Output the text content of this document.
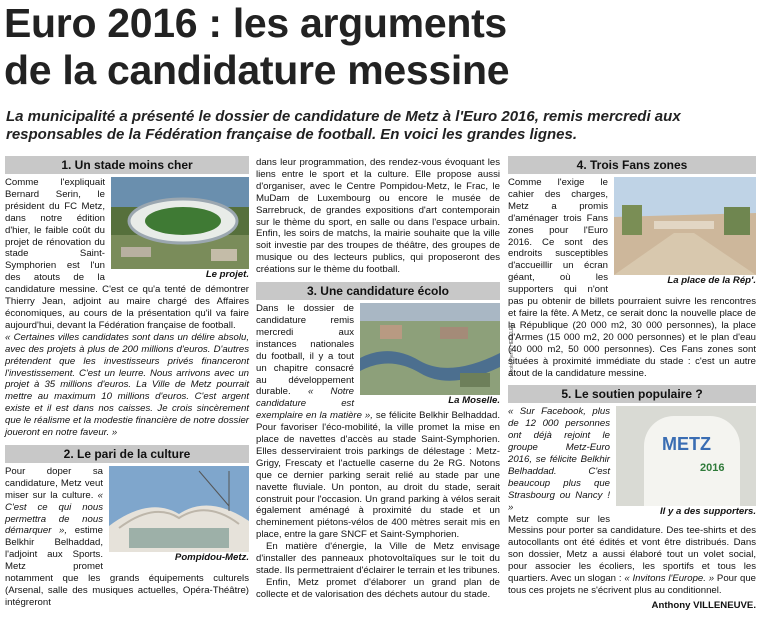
Euro 2016 : les arguments
de la candidature messine
La municipalité a présenté le dossier de candidature de Metz à l'Euro 2016, remis mercredi aux responsables de la Fédération française de football. En voici les grandes lignes.
1. Un stade moins cher
Le projet.

Comme l'expliquait Bernard Serin, le président du FC Metz, dans notre édition d'hier, le faible coût du projet de rénovation du stade Saint-Symphorien est l'un des atouts de la candidature messine. C'est ce qu'a tenté de démontrer Thierry Jean, adjoint au maire chargé des Affaires économiques, au cours de la présentation qu'il va faire aujourd'hui, devant la Fédération française de football.

« Certaines villes candidates sont dans un délire absolu, avec des projets à plus de 200 millions d'euros. D'autres prétendent que les investisseurs privés financeront l'investissement. C'est un leurre. Nous arrivons avec un projet à 35 millions d'euros. La Ville de Metz pourrait mettre au maximum 10 millions d'euros. C'est argent existe et il est dans nos caisses. Je crois sincèrement que le réalisme et la modestie financière de notre dossier joueront en notre faveur. »

2. Le pari de la culture
Pompidou-Metz.

Pour doper sa candidature, Metz veut miser sur la culture. « C'est ce qui nous permettra de nous démarquer », estime Belkhir Belhaddad, l'adjoint aux Sports. Metz promet notamment que les grands équipements culturels (Arsenal, salle des musiques actuelles, Opéra-Théâtre) intégreront

dans leur programmation, des rendez-vous évoquant les liens entre le sport et la culture. Elle propose aussi d'organiser, avec le Centre Pompidou-Metz, le Frac, le MuDam de Luxembourg ou encore le musée de Sarrebruck, de grandes expositions d'art contemporain sur le thème du sport, en salle ou dans l'espace urbain. Enfin, les soirs de matchs, la mairie souhaite que la ville soit investie par des troupes de théâtre, des groupes de musique ou des lecteurs publics, qui proposeront des créations sur le thème du football.

3. Une candidature écolo
Photo Pierre HECKLER
La Moselle.

Dans le dossier de candidature remis mercredi aux instances nationales du football, il y a tout un chapitre consacré au développement durable. « Notre candidature est exemplaire en la matière », se félicite Belkhir Belhaddad. Pour favoriser l'éco-mobilité, la ville promet la mise en place de navettes d'accès au stade Saint-Symphorien. Elles desserviraient trois parkings de délestage : Metz-Grigy, Frescaty et l'actuelle caserne du 2e RG. Notons que ce dernier parking serait relié au stade par une navette fluviale. Un ponton, au droit du stade, serait construit pour l'occasion. Un grand parking à vélos serait également aménagé à proximité du stade et un cheminement piétons-vélos de 400 mètres serait mis en place, entre la gare SNCF et Saint-Symphorien.

En matière d'énergie, la Ville de Metz envisage d'installer des panneaux photovoltaïques sur le toit du stade. Ils permettraient d'éclairer le terrain et les tribunes.

Enfin, Metz promet d'élaborer un grand plan de collecte et de valorisation des déchets autour du stade.

4. Trois Fans zones
La place de la Rép'.

Comme l'exige le cahier des charges, Metz a promis d'aménager trois Fans zones pour l'Euro 2016. Ce sont des endroits susceptibles d'accueillir un écran géant, où les supporters qui n'ont pas pu obtenir de billets pourraient suivre les rencontres et faire la fête. A Metz, ce serait donc la nouvelle place de la République (20 000 m2, 30 000 personnes), la place d'Armes (15 000 m2, 20 000 personnes) et le plan d'eau (40 000 m2, 50 000 personnes). Ces Fans zones sont situées à proximité immédiate du stade : c'est un autre atout de la candidature messine.

5. Le soutien populaire ?
METZ
2016
Il y a des supporters.

« Sur Facebook, plus de 12 000 personnes ont déjà rejoint le groupe Metz-Euro 2016, se félicite Belkhir Belhaddad. C'est beaucoup plus que Strasbourg ou Nancy ! »

Metz compte sur les Messins pour porter sa candidature. Des tee-shirts et des autocollants ont été édités et vont être distribués. Dans son dossier, Metz a aussi élaboré tout un volet social, pour associer les écoliers, les sportifs et tous les quartiers. Avec un slogan : « Invitons l'Europe. » Pour que tous ces projets ne s'écrivent plus au conditionnel.

Anthony VILLENEUVE.
